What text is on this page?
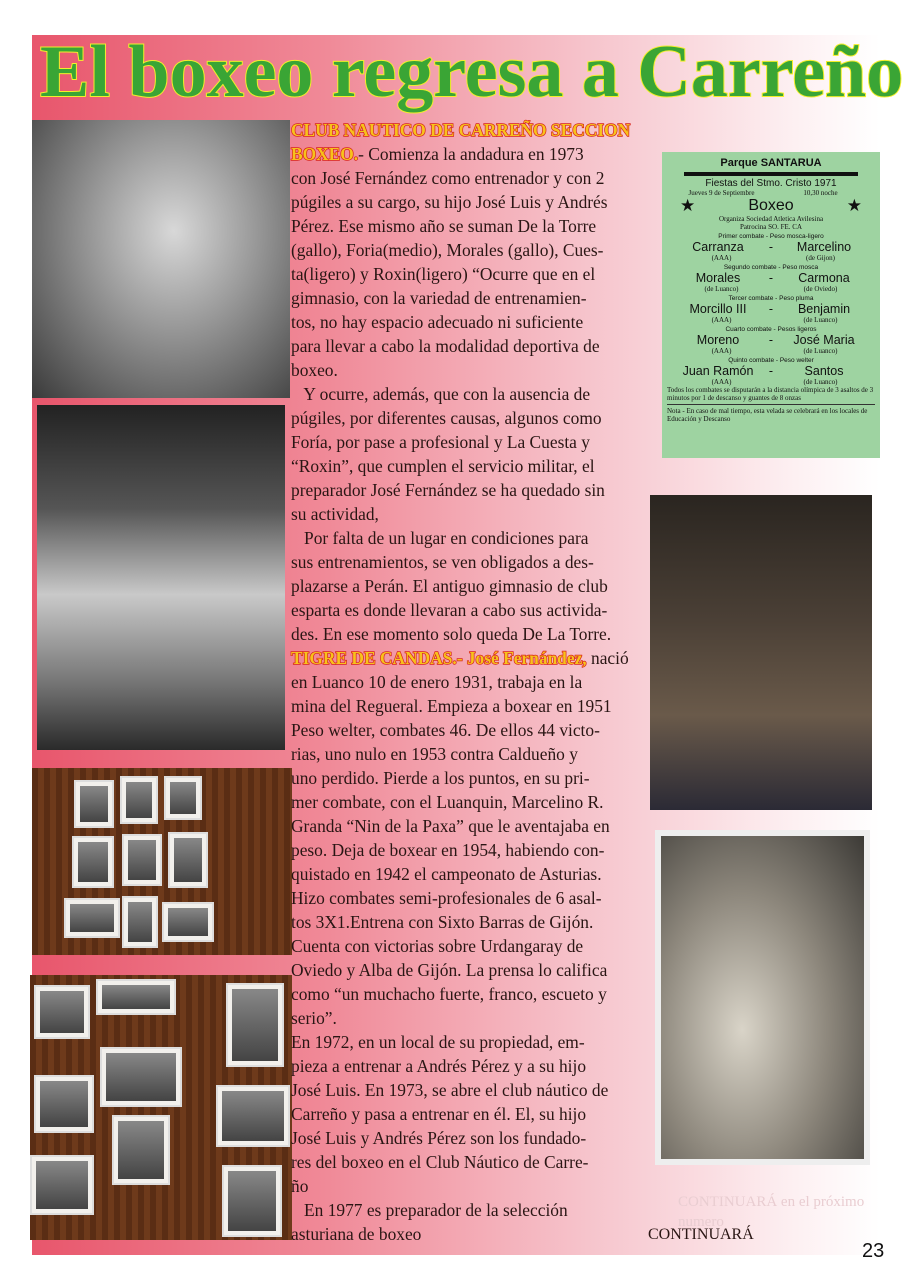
El boxeo regresa a Carreño
Parque SANTARUA
Fiestas del Stmo. Cristo 1971
Jueves 9 de Septiembre	10,30 noche
★	Boxeo	★
Organiza Sociedad Atletica Avilesina
Patrocina SO. FE. CA
Primer combate - Peso mosca-ligero
Carranza	-	Marcelino
(AAA)	(de Gijon)
Segundo combate - Peso mosca
Morales	-	Carmona
(de Luanco)	(de Oviedo)
Tercer combate - Peso pluma
Morcillo III	-	Benjamin
(AAA)	(de Luanco)
Cuarto combate - Pesos ligeros
Moreno	-	José Maria
(AAA)	(de Luanco)
Quinto combate - Peso welter
Juan Ramón	-	Santos
(AAA)	(de Luanco)
Todos los combates se disputarán a la distancia olímpica de 3 asaltos de 3 minutos por 1 de descanso y guantes de 8 onzas
Nota - En caso de mal tiempo, esta velada se celebrará en los locales de Educación y Descanso
CLUB NAUTICO DE CARREÑO SECCION
BOXEO.- Comienza la andadura en 1973
con José Fernández como entrenador y con 2
púgiles a su cargo, su hijo José Luis y Andrés
Pérez. Ese mismo año se suman De la Torre
(gallo), Foria(medio), Morales (gallo), Cues-
ta(ligero) y Roxin(ligero) “Ocurre que en el
gimnasio, con la variedad de entrenamien-
tos, no hay espacio adecuado ni suficiente
para llevar a cabo la modalidad deportiva de
boxeo.
Y ocurre, además, que con la ausencia de
púgiles, por diferentes causas, algunos como
Foría, por pase a profesional y La Cuesta y
“Roxin”, que cumplen el servicio militar, el
preparador José Fernández se ha quedado sin
su actividad,
Por falta de un lugar en condiciones para
sus entrenamientos, se ven obligados a des-
plazarse a Perán. El antiguo gimnasio de club
esparta es donde llevaran a cabo sus activida-
des. En ese momento solo queda De La Torre.
TIGRE DE CANDAS.- José Fernández, nació
en Luanco 10 de enero 1931, trabaja en la
mina del Regueral. Empieza a boxear en 1951
Peso welter, combates 46. De ellos 44 victo-
rias, uno nulo en 1953 contra Caldueño y
uno perdido. Pierde a los puntos, en su pri-
mer combate, con el Luanquin, Marcelino R.
Granda “Nin de la Paxa” que le aventajaba en
peso. Deja de boxear en 1954, habiendo con-
quistado en 1942 el campeonato de Asturias.
Hizo combates semi-profesionales de 6 asal-
tos 3X1.Entrena con Sixto Barras de Gijón.
Cuenta con victorias sobre Urdangaray de
Oviedo y Alba de Gijón. La prensa lo califica
como “un muchacho fuerte, franco, escueto y
serio”.
En 1972, en un local de su propiedad, em-
pieza a entrenar a Andrés Pérez y a su hijo
José Luis. En 1973, se abre el club náutico de
Carreño y pasa a entrenar en él. El, su hijo
José Luis y Andrés Pérez son los fundado-
res del boxeo en el Club Náutico de Carre-
ño
En 1977 es preparador de la selección
asturiana de boxeo
CONTINUARÁ en el próximo numero
CONTINUARÁ
23
